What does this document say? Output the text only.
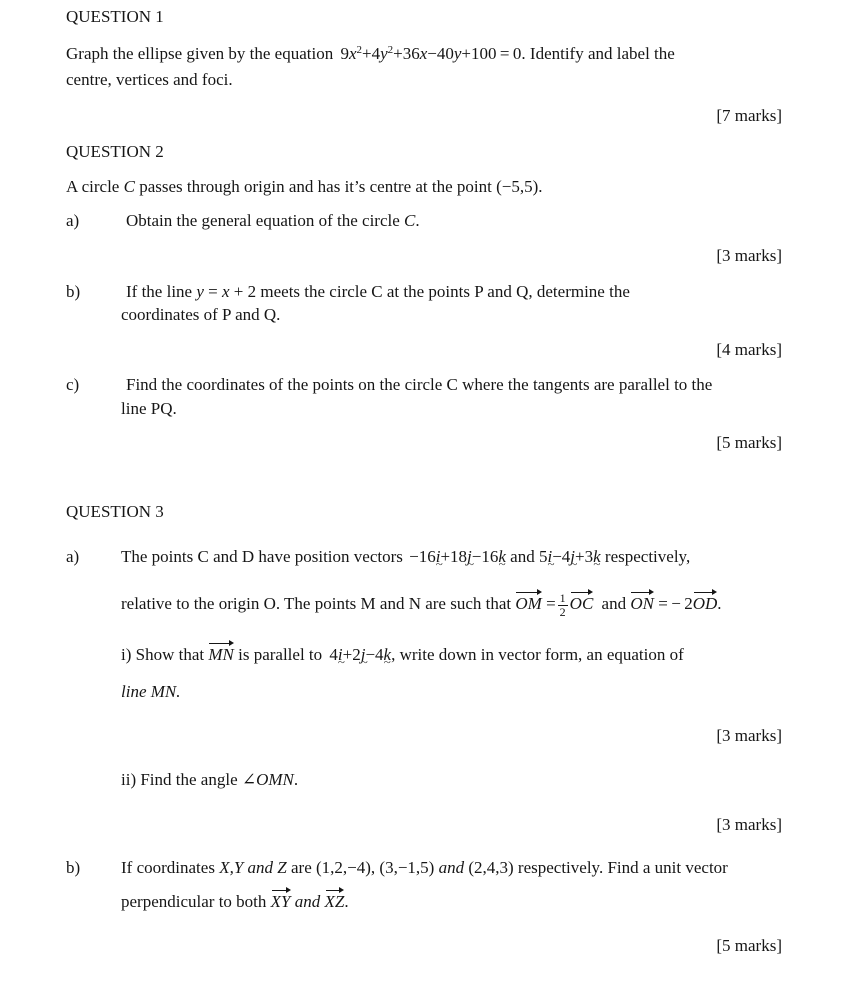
QUESTION 1
Graph the ellipse given by the equation $9x^2+4y^2+36x-40y+100 = 0$. Identify and label the
centre, vertices and foci.
[7 marks]
QUESTION 2
A circle C passes through origin and has it’s centre at the point (−5,5).
a)	Obtain the general equation of the circle C.
[3 marks]
b)	If the line y = x + 2 meets the circle C at the points P and Q, determine the
coordinates of P and Q.
[4 marks]
c)	Find the coordinates of the points on the circle C where the tangents are parallel to the
line PQ.
[5 marks]
QUESTION 3
a) The points C and D have position vectors −16i ~+18j ~−16k ~ and 5i ~−4j ~+3k ~ respectively,
relative to the origin O. The points M and N are such that OM = $\frac{1}{2}$ OC and ON = − 2OD.
i) Show that MN is parallel to 4i ~+2j ~−4k ~, write down in vector form, an equation of
line MN.
[3 marks]
ii) Find the angle ∠OMN.
[3 marks]
b) If coordinates X,Y and Z are (1,2,−4), (3,−1,5) and (2,4,3) respectively. Find a unit vector
perpendicular to both XY and XZ.
[5 marks]
